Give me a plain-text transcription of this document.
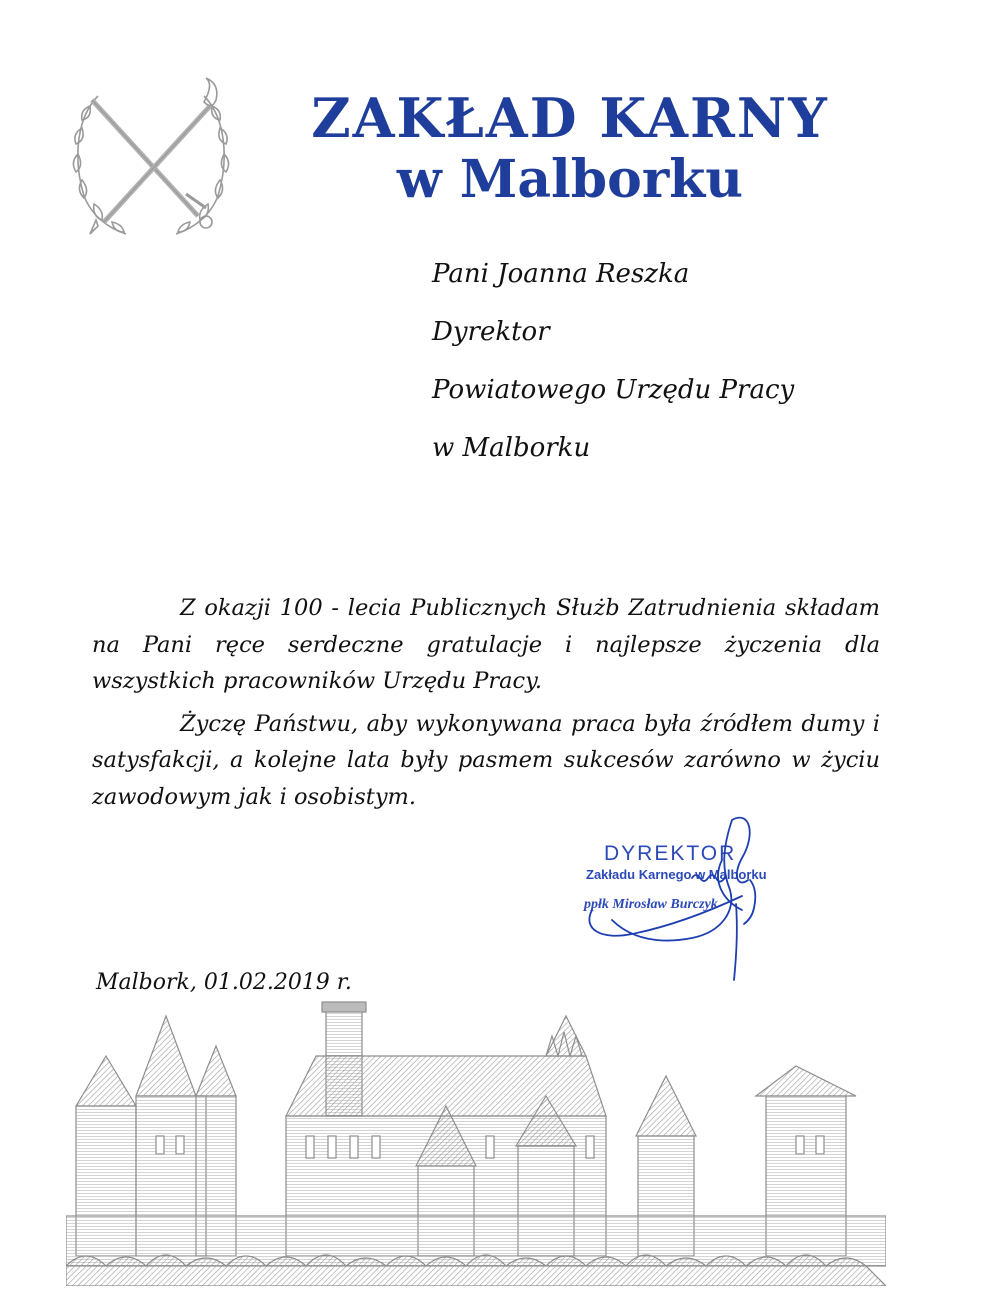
ZAKŁAD KARNY
w Malborku
Pani Joanna Reszka
Dyrektor
Powiatowego Urzędu Pracy
w Malborku

Z okazji 100 - lecia Publicznych Służb Zatrudnienia składam na Pani ręce serdeczne gratulacje i najlepsze życzenia dla wszystkich pracowników Urzędu Pracy.

Życzę Państwu, aby wykonywana praca była źródłem dumy i satysfakcji, a kolejne lata były pasmem sukcesów zarówno w życiu zawodowym jak i osobistym.

DYREKTOR
Zakładu Karnego w Malborku
ppłk Mirosław Burczyk
Malbork, 01.02.2019 r.
